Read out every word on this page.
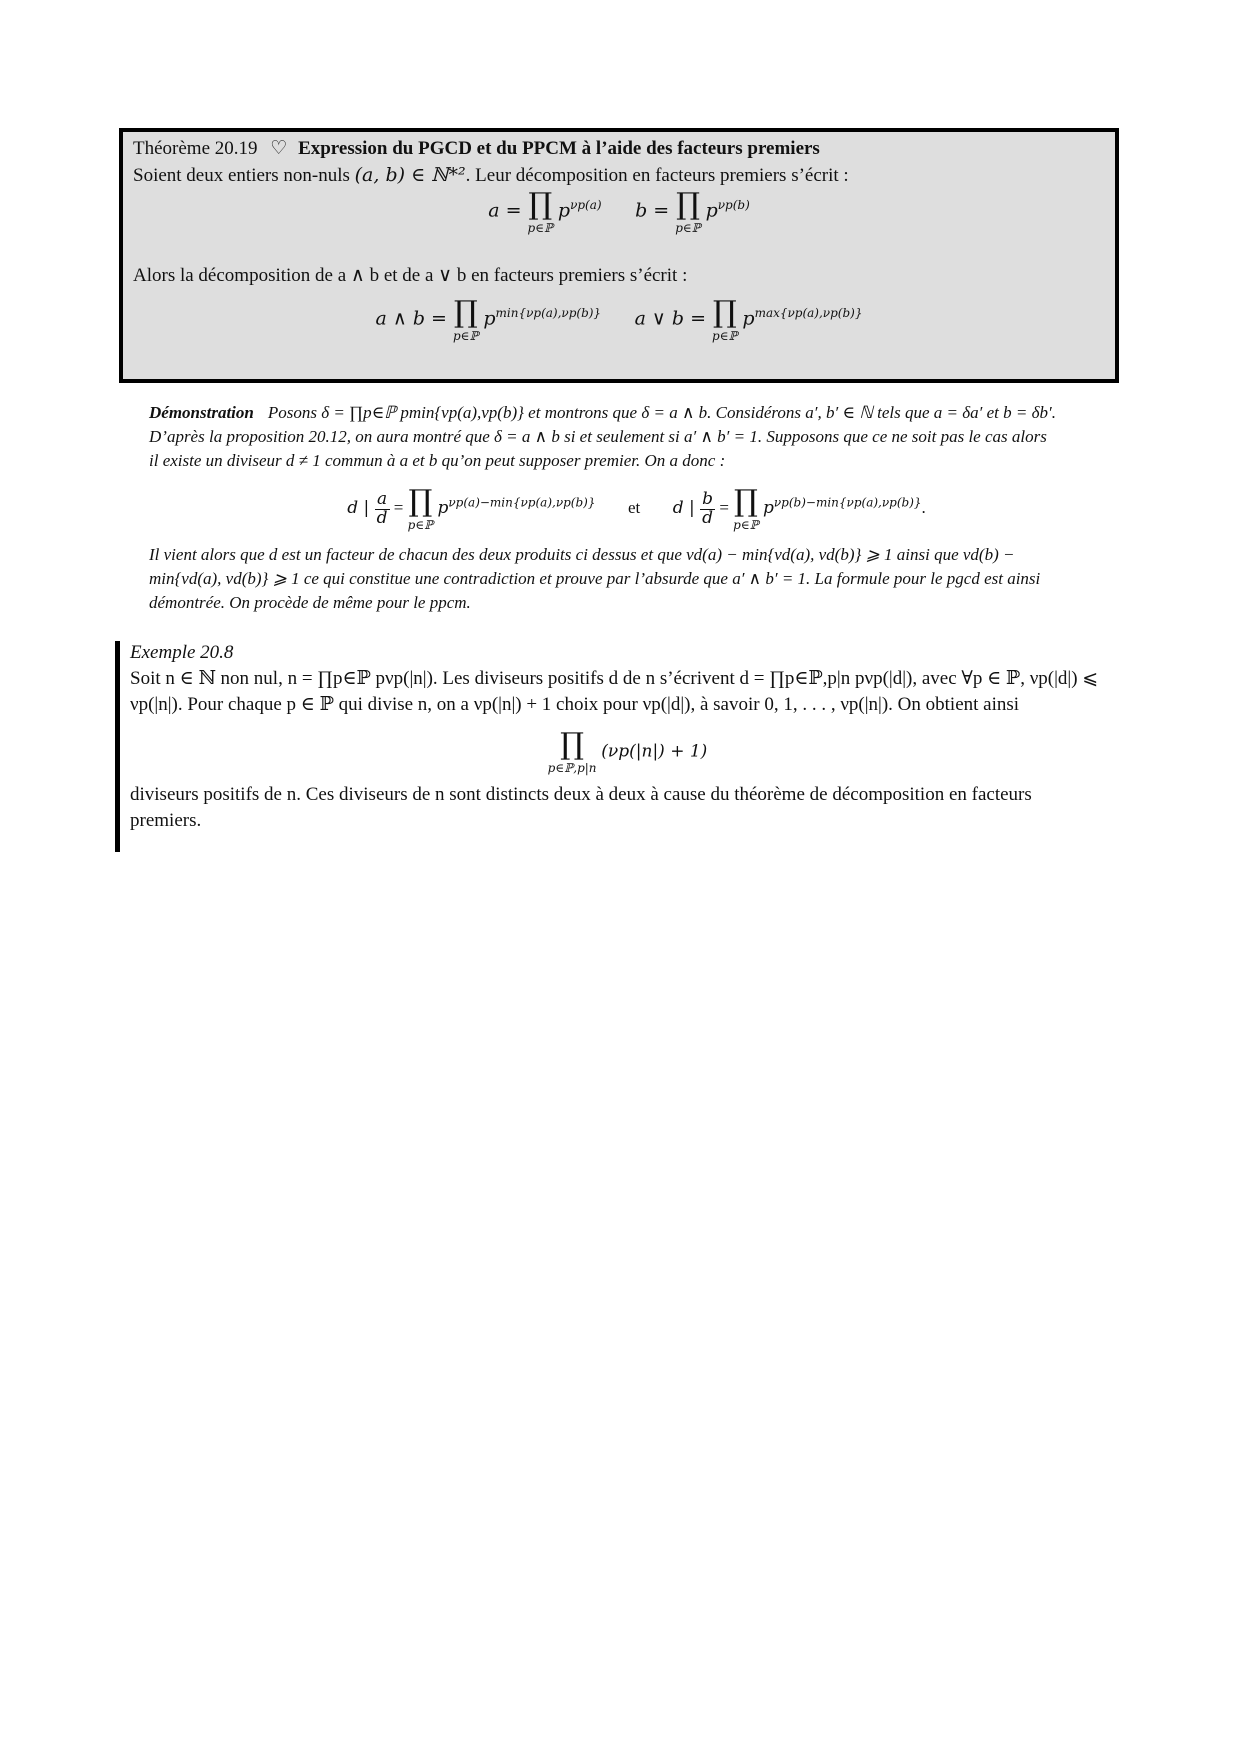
Théorème 20.19 ♡ Expression du PGCD et du PPCM à l’aide des facteurs premiers
Soient deux entiers non-nuls (a, b) ∈ ℕ*². Leur décomposition en facteurs premiers s’écrit :
a = ∏
p∈ℙ
$p^{\nu p(a)}$ b = ∏
p∈ℙ
$p^{\nu p(b)}$
Alors la décomposition de a ∧ b et de a ∨ b en facteurs premiers s’écrit :
a ∧ b = ∏
p∈ℙ
$p^{min\{\nu p(a),\nu p(b)\}}$ a ∨ b = ∏
p∈ℙ
$p^{max\{\nu p(a),\nu p(b)\}}$
Démonstration Posons δ = ∏p∈ℙ pmin{νp(a),νp(b)} et montrons que δ = a ∧ b. Considérons a′, b′ ∈ ℕ tels que a = δa′ et b = δb′.
D’après la proposition 20.12, on aura montré que δ = a ∧ b si et seulement si a′ ∧ b′ = 1. Supposons que ce ne soit pas le cas alors
il existe un diviseur d ≠ 1 commun à a et b qu’on peut supposer premier. On a donc :
d | $\frac{a}{d}$ = ∏
p∈ℙ
$p^{\nu p(a)-min\{\nu p(a),\nu p(b)\}}$ et d | $\frac{b}{d}$ = ∏
p∈ℙ
$p^{\nu p(b)-min\{\nu p(a),\nu p(b)\}}$.
Il vient alors que d est un facteur de chacun des deux produits ci dessus et que νd(a) − min{νd(a), νd(b)} ⩾ 1 ainsi que νd(b) −
min{νd(a), νd(b)} ⩾ 1 ce qui constitue une contradiction et prouve par l’absurde que a′ ∧ b′ = 1. La formule pour le pgcd est ainsi
démontrée. On procède de même pour le ppcm.
Exemple 20.8
Soit n ∈ ℕ non nul, n = ∏p∈ℙ pνp(|n|). Les diviseurs positifs d de n s’écrivent d = ∏p∈ℙ,p|n pνp(|d|), avec ∀p ∈ ℙ, νp(|d|) ⩽
νp(|n|). Pour chaque p ∈ ℙ qui divise n, on a νp(|n|) + 1 choix pour νp(|d|), à savoir 0, 1, . . . , νp(|n|). On obtient ainsi
∏
p∈ℙ,p|n
(νp(|n|) + 1)
diviseurs positifs de n. Ces diviseurs de n sont distincts deux à deux à cause du théorème de décomposition en facteurs
premiers.
